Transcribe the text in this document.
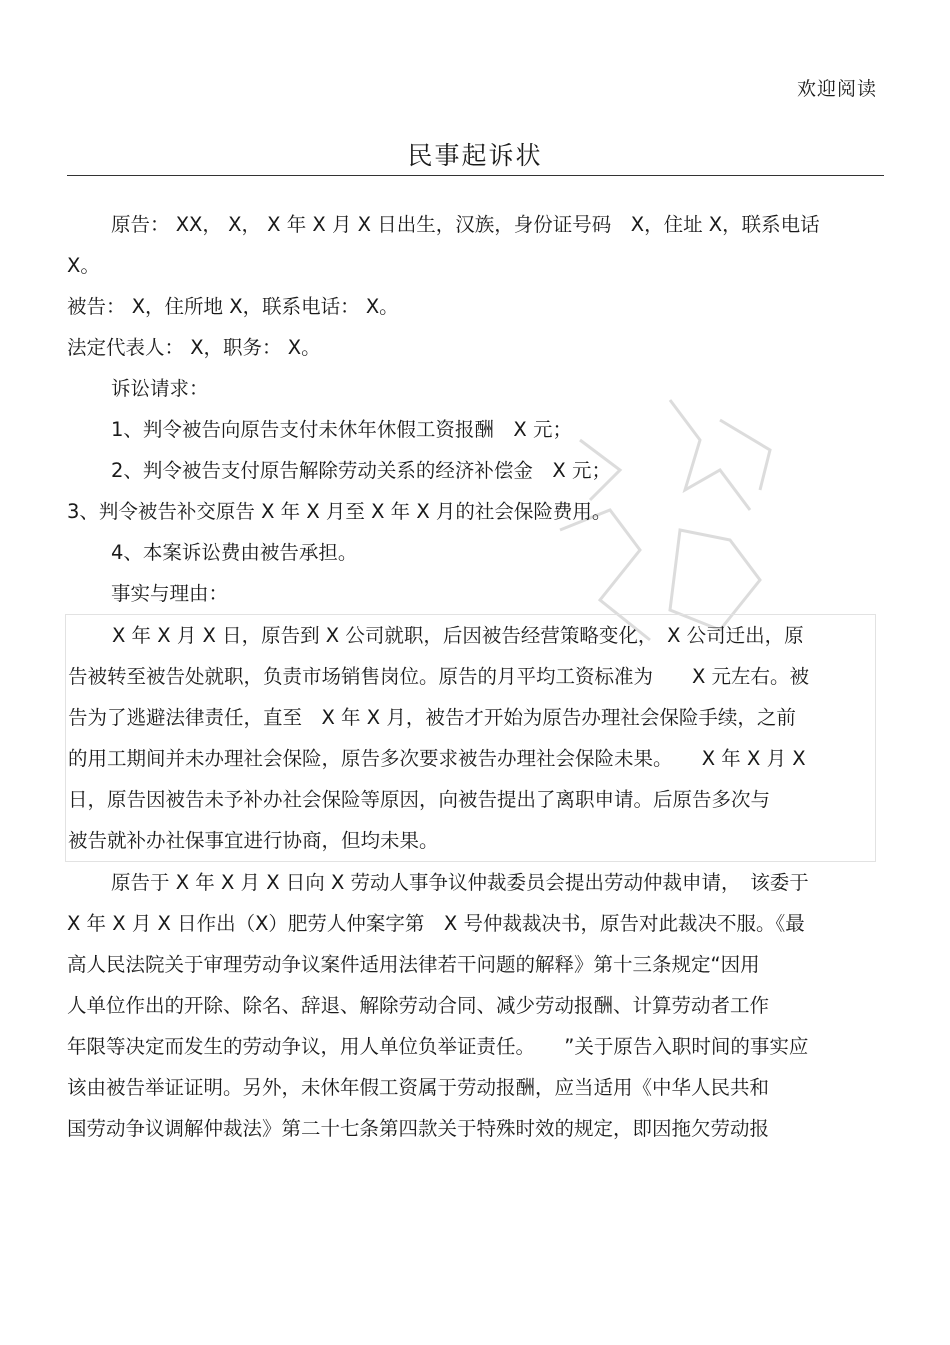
欢迎阅读
民事起诉状
原告： XX， X， X 年 X 月 X 日出生，汉族，身份证号码　X，住址 X，联系电话
X。
被告： X，住所地 X，联系电话： X。
法定代表人： X，职务： X。
诉讼请求：
1、判令被告向原告支付未休年休假工资报酬　X 元；
2、判令被告支付原告解除劳动关系的经济补偿金　X 元；
3、判令被告补交原告 X 年 X 月至 X 年 X 月的社会保险费用。
4、本案诉讼费由被告承担。
事实与理由：
X 年 X 月 X 日，原告到 X 公司就职，后因被告经营策略变化，　X 公司迁出，原
告被转至被告处就职，负责市场销售岗位。原告的月平均工资标准为　　X 元左右。被
告为了逃避法律责任，直至　X 年 X 月，被告才开始为原告办理社会保险手续，之前
的用工期间并未办理社会保险，原告多次要求被告办理社会保险未果。　　X 年 X 月 X
日，原告因被告未予补办社会保险等原因，向被告提出了离职申请。后原告多次与
被告就补办社保事宜进行协商，但均未果。
原告于 X 年 X 月 X 日向 X 劳动人事争议仲裁委员会提出劳动仲裁申请，　该委于
X 年 X 月 X 日作出（X）肥劳人仲案字第　X 号仲裁裁决书，原告对此裁决不服。《最
高人民法院关于审理劳动争议案件适用法律若干问题的解释》第十三条规定“因用
人单位作出的开除、除名、辞退、解除劳动合同、减少劳动报酬、计算劳动者工作
年限等决定而发生的劳动争议，用人单位负举证责任。　　”关于原告入职时间的事实应
该由被告举证证明。另外，未休年假工资属于劳动报酬，应当适用《中华人民共和
国劳动争议调解仲裁法》第二十七条第四款关于特殊时效的规定，即因拖欠劳动报
